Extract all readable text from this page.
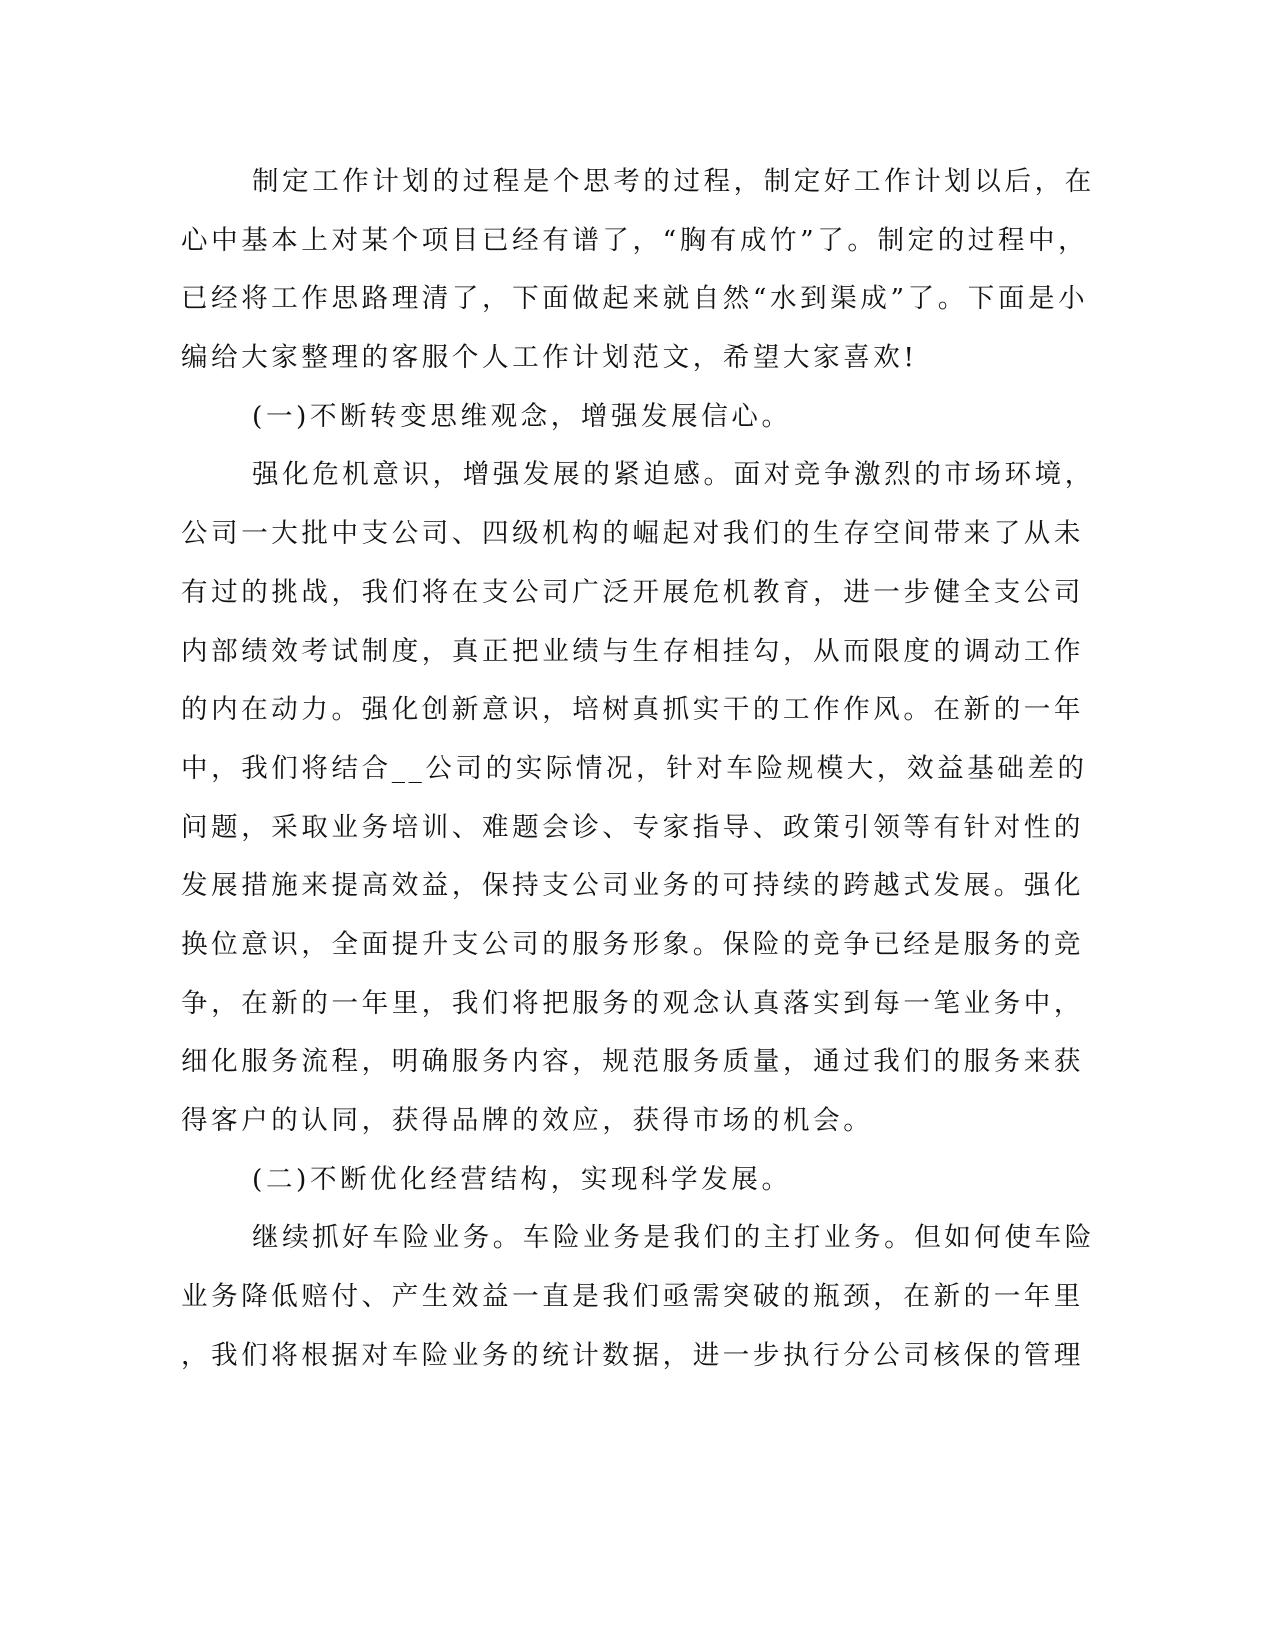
制定工作计划的过程是个思考的过程，制定好工作计划以后，在
心中基本上对某个项目已经有谱了，“胸有成竹”了。制定的过程中，
已经将工作思路理清了，下面做起来就自然“水到渠成”了。下面是小
编给大家整理的客服个人工作计划范文，希望大家喜欢!
(一)不断转变思维观念，增强发展信心。
强化危机意识，增强发展的紧迫感。面对竞争激烈的市场环境，
公司一大批中支公司、四级机构的崛起对我们的生存空间带来了从未
有过的挑战，我们将在支公司广泛开展危机教育，进一步健全支公司
内部绩效考试制度，真正把业绩与生存相挂勾，从而限度的调动工作
的内在动力。强化创新意识，培树真抓实干的工作作风。在新的一年
中，我们将结合__公司的实际情况，针对车险规模大，效益基础差的
问题，采取业务培训、难题会诊、专家指导、政策引领等有针对性的
发展措施来提高效益，保持支公司业务的可持续的跨越式发展。强化
换位意识，全面提升支公司的服务形象。保险的竞争已经是服务的竞
争，在新的一年里，我们将把服务的观念认真落实到每一笔业务中，
细化服务流程，明确服务内容，规范服务质量，通过我们的服务来获
得客户的认同，获得品牌的效应，获得市场的机会。
(二)不断优化经营结构，实现科学发展。
继续抓好车险业务。车险业务是我们的主打业务。但如何使车险
业务降低赔付、产生效益一直是我们亟需突破的瓶颈，在新的一年里
，我们将根据对车险业务的统计数据，进一步执行分公司核保的管理
